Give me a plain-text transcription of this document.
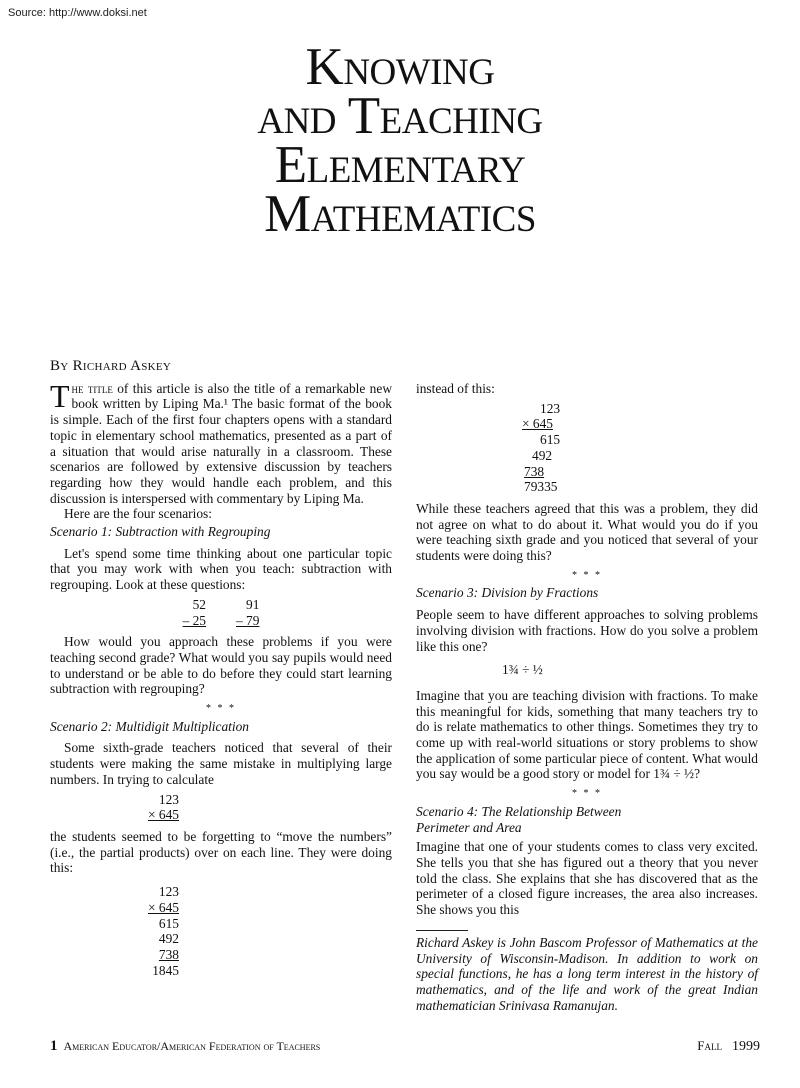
Source: http://www.doksi.net
Knowing
and Teaching
Elementary
Mathematics
By Richard Askey

The title of this article is also the title of a remarkable new book written by Liping Ma.¹ The basic format of the book is simple. Each of the first four chapters opens with a standard topic in elementary school mathematics, presented as a part of a situation that would arise naturally in a classroom. These scenarios are followed by extensive discussion by teachers regarding how they would handle each problem, and this discussion is interspersed with commentary by Liping Ma.

Here are the four scenarios:

Scenario 1: Subtraction with Regrouping

Let's spend some time thinking about one particular topic that you may work with when you teach: subtraction with regrouping. Look at these questions:

52
– 25
91
– 79

How would you approach these problems if you were teaching second grade? What would you say pupils would need to understand or be able to do before they could start learning subtraction with regrouping?

* * *
Scenario 2: Multidigit Multiplication

Some sixth-grade teachers noticed that several of their students were making the same mistake in multiplying large numbers. In trying to calculate

123
× 645

the students seemed to be forgetting to “move the numbers” (i.e., the partial products) over on each line. They were doing this:

123
× 645
615
492
738
1845

instead of this:

123
× 645
615
492
738
79335

While these teachers agreed that this was a problem, they did not agree on what to do about it. What would you do if you were teaching sixth grade and you noticed that several of your students were doing this?

* * *
Scenario 3: Division by Fractions

People seem to have different approaches to solving problems involving division with fractions. How do you solve a problem like this one?

1¾ ÷ ½

Imagine that you are teaching division with fractions. To make this meaningful for kids, something that many teachers try to do is relate mathematics to other things. Sometimes they try to come up with real-world situations or story problems to show the application of some particular piece of content. What would you say would be a good story or model for 1¾ ÷ ½?

* * *
Scenario 4: The Relationship Between
Perimeter and Area

Imagine that one of your students comes to class very excited. She tells you that she has figured out a theory that you never told the class. She explains that she has discovered that as the perimeter of a closed figure increases, the area also increases. She shows you this

Richard Askey is John Bascom Professor of Mathematics at the University of Wisconsin-Madison. In addition to work on special functions, he has a long term interest in the history of mathematics, and of the life and work of the great Indian mathematician Srinivasa Ramanujan.

1 American Educator/American Federation of Teachers	Fall 1999
